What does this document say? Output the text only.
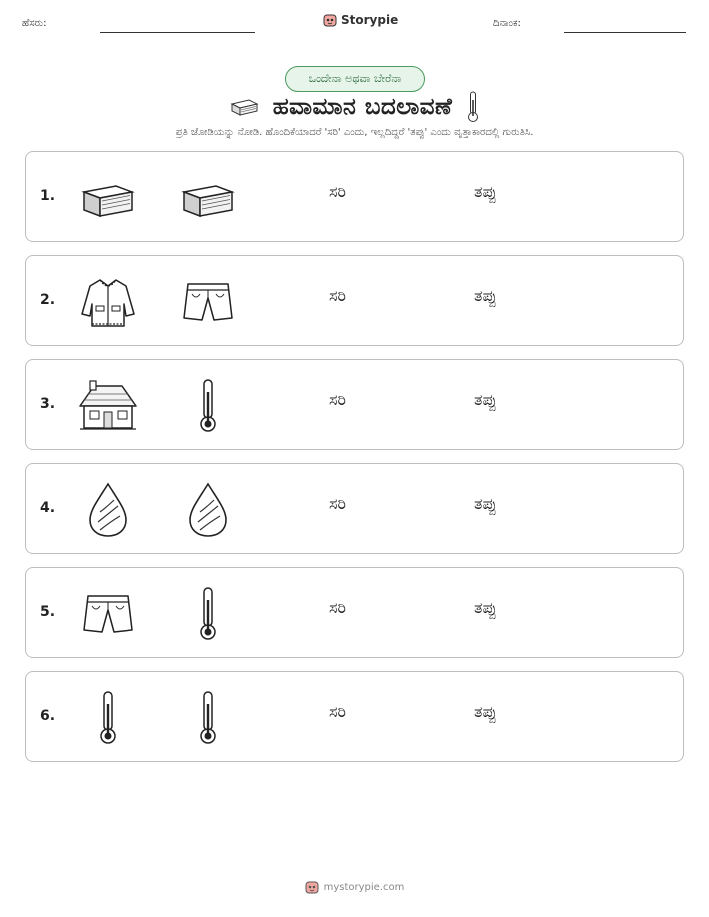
ಹೆಸರು:	Storypie	ದಿನಾಂಕ:
ಒಂದೇನಾ ಅಥವಾ ಬೇರೆನಾ
ಹವಾಮಾನ ಬದಲಾವಣೆ
ಪ್ರತಿ ಜೋಡಿಯನ್ನು ನೋಡಿ. ಹೊಂದಿಕೆಯಾದರೆ 'ಸರಿ' ಎಂದು, ಇಲ್ಲದಿದ್ದರೆ 'ತಪ್ಪು' ಎಂದು ವೃತ್ತಾಕಾರದಲ್ಲಿ ಗುರುತಿಸಿ.
1.	ಸರಿ	ತಪ್ಪು
2.	ಸರಿ	ತಪ್ಪು
3.	ಸರಿ	ತಪ್ಪು
4.	ಸರಿ	ತಪ್ಪು
5.	ಸರಿ	ತಪ್ಪು
6.	ಸರಿ	ತಪ್ಪು
mystorypie.com
